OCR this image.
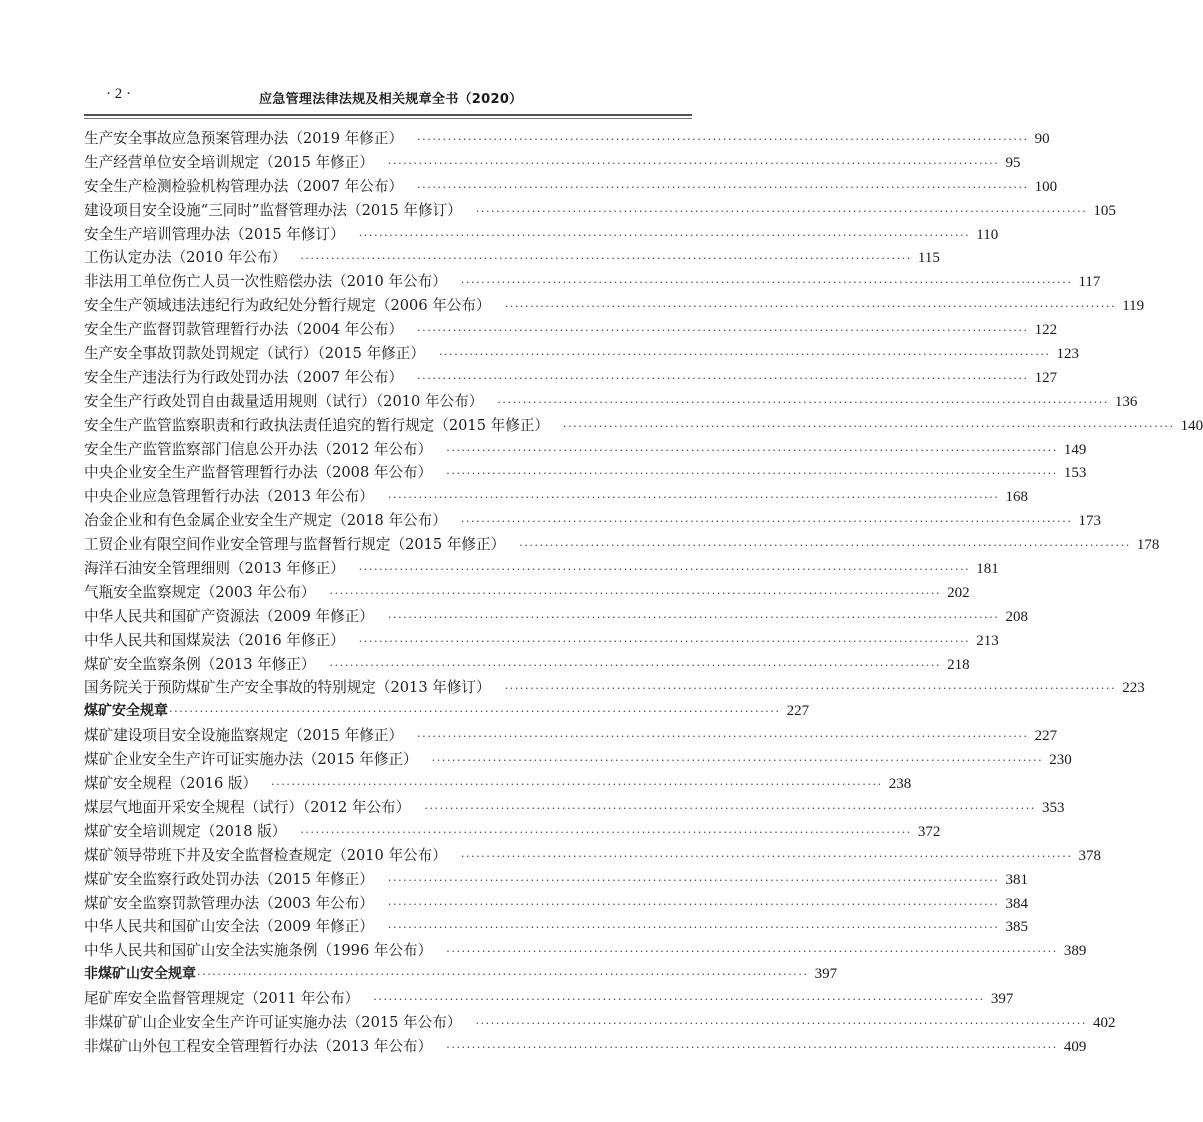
· 2 ·	应急管理法律法规及相关规章全书（2020）
生产安全事故应急预案管理办法（2019 年修正） ························································································································ 90
生产经营单位安全培训规定（2015 年修正） ························································································································ 95
安全生产检测检验机构管理办法（2007 年公布） ························································································································ 100
建设项目安全设施“三同时”监督管理办法（2015 年修订） ························································································································ 105
安全生产培训管理办法（2015 年修订） ························································································································ 110
工伤认定办法（2010 年公布） ························································································································ 115
非法用工单位伤亡人员一次性赔偿办法（2010 年公布） ························································································································ 117
安全生产领域违法违纪行为政纪处分暂行规定（2006 年公布） ························································································································ 119
安全生产监督罚款管理暂行办法（2004 年公布） ························································································································ 122
生产安全事故罚款处罚规定（试行）（2015 年修正） ························································································································ 123
安全生产违法行为行政处罚办法（2007 年公布） ························································································································ 127
安全生产行政处罚自由裁量适用规则（试行）（2010 年公布） ························································································································ 136
安全生产监管监察职责和行政执法责任追究的暂行规定（2015 年修正） ························································································································ 140
安全生产监管监察部门信息公开办法（2012 年公布） ························································································································ 149
中央企业安全生产监督管理暂行办法（2008 年公布） ························································································································ 153
中央企业应急管理暂行办法（2013 年公布） ························································································································ 168
冶金企业和有色金属企业安全生产规定（2018 年公布） ························································································································ 173
工贸企业有限空间作业安全管理与监督暂行规定（2015 年修正） ························································································································ 178
海洋石油安全管理细则（2013 年修正） ························································································································ 181
气瓶安全监察规定（2003 年公布） ························································································································ 202
中华人民共和国矿产资源法（2009 年修正） ························································································································ 208
中华人民共和国煤炭法（2016 年修正） ························································································································ 213
煤矿安全监察条例（2013 年修正） ························································································································ 218
国务院关于预防煤矿生产安全事故的特别规定（2013 年修订） ························································································································ 223
煤矿安全规章 ························································································································ 227
煤矿建设项目安全设施监察规定（2015 年修正） ························································································································ 227
煤矿企业安全生产许可证实施办法（2015 年修正） ························································································································ 230
煤矿安全规程（2016 版） ························································································································ 238
煤层气地面开采安全规程（试行）（2012 年公布） ························································································································ 353
煤矿安全培训规定（2018 版） ························································································································ 372
煤矿领导带班下井及安全监督检查规定（2010 年公布） ························································································································ 378
煤矿安全监察行政处罚办法（2015 年修正） ························································································································ 381
煤矿安全监察罚款管理办法（2003 年公布） ························································································································ 384
中华人民共和国矿山安全法（2009 年修正） ························································································································ 385
中华人民共和国矿山安全法实施条例（1996 年公布） ························································································································ 389
非煤矿山安全规章 ························································································································ 397
尾矿库安全监督管理规定（2011 年公布） ························································································································ 397
非煤矿矿山企业安全生产许可证实施办法（2015 年公布） ························································································································ 402
非煤矿山外包工程安全管理暂行办法（2013 年公布） ························································································································ 409
